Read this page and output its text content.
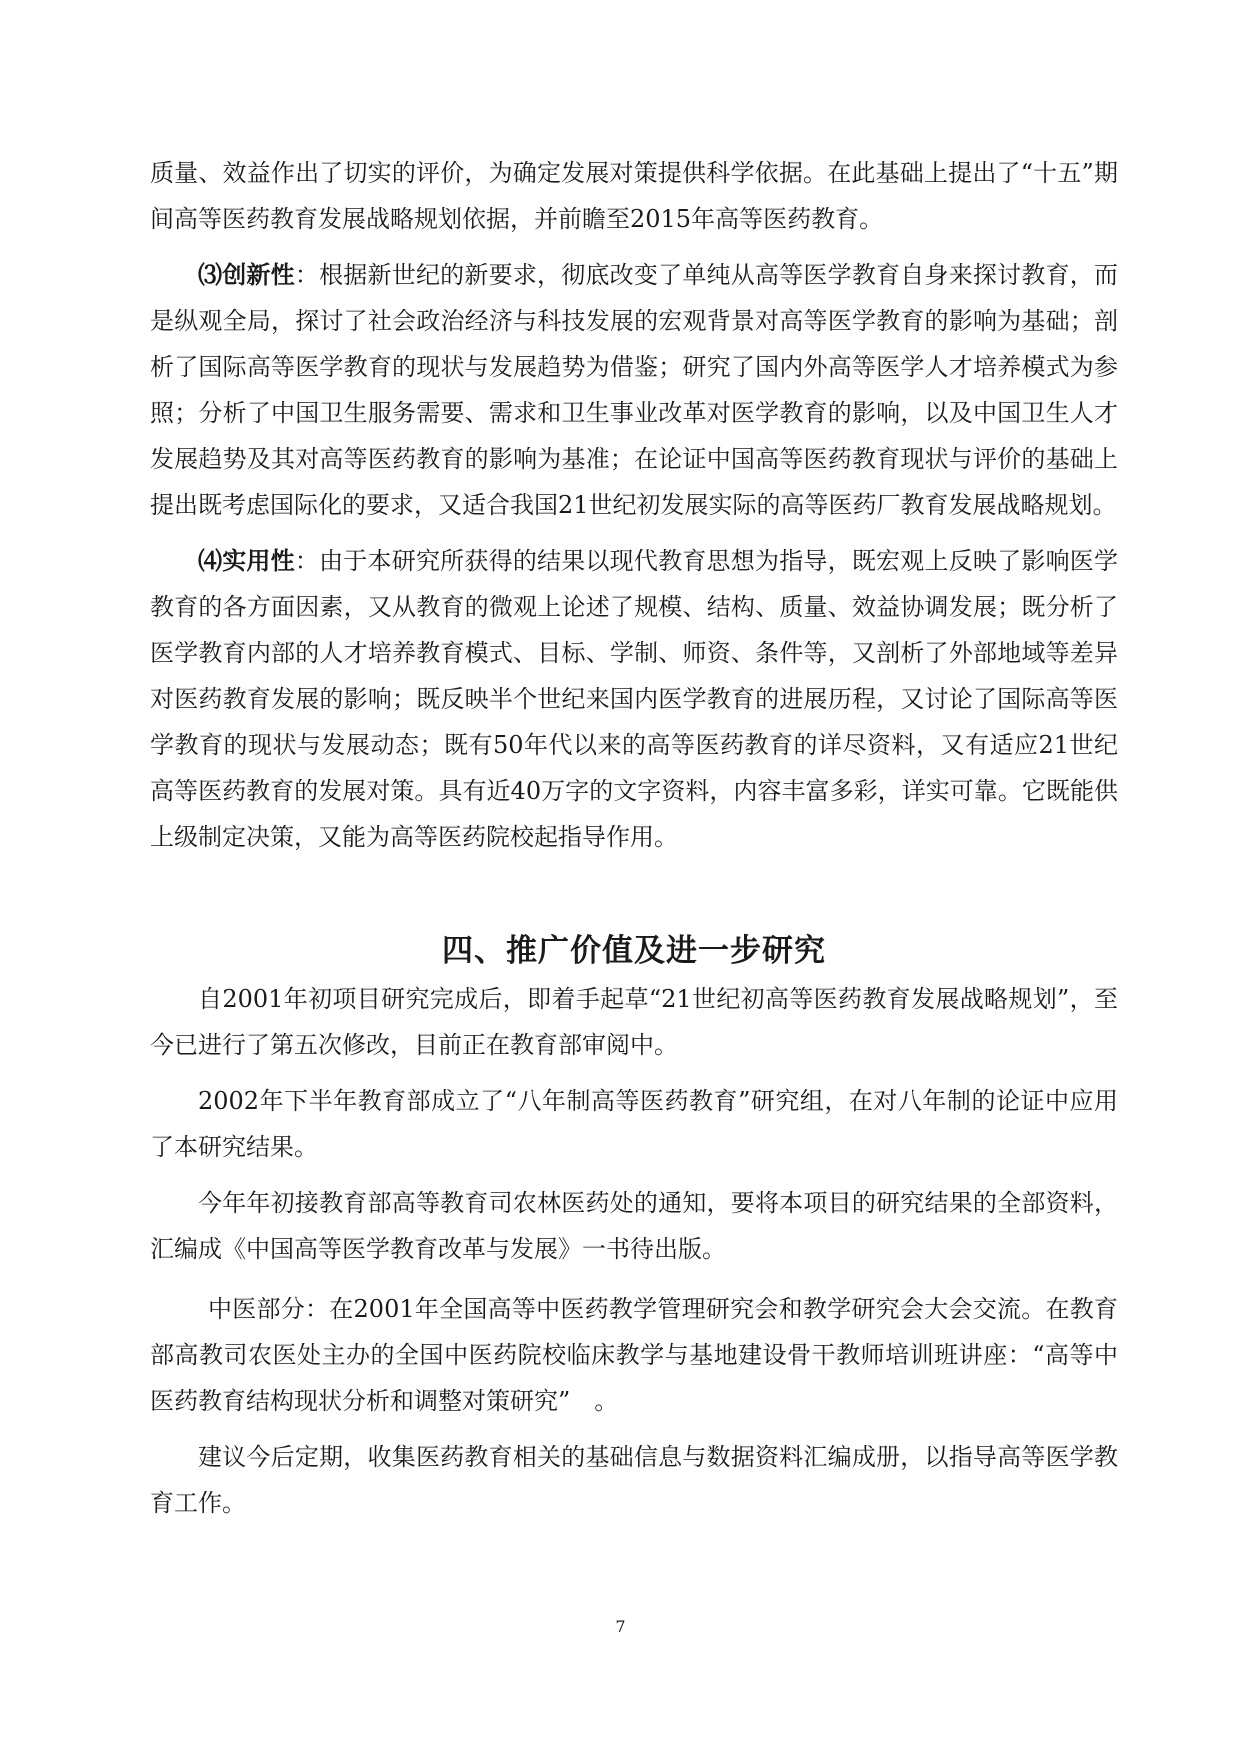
质量、效益作出了切实的评价，为确定发展对策提供科学依据。在此基础上提出了“十五”期间高等医药教育发展战略规划依据，并前瞻至2015年高等医药教育。

⑶创新性：根据新世纪的新要求，彻底改变了单纯从高等医学教育自身来探讨教育，而是纵观全局，探讨了社会政治经济与科技发展的宏观背景对高等医学教育的影响为基础；剖析了国际高等医学教育的现状与发展趋势为借鉴；研究了国内外高等医学人才培养模式为参照；分析了中国卫生服务需要、需求和卫生事业改革对医学教育的影响，以及中国卫生人才发展趋势及其对高等医药教育的影响为基准；在论证中国高等医药教育现状与评价的基础上提出既考虑国际化的要求，又适合我国21世纪初发展实际的高等医药厂教育发展战略规划。

⑷实用性：由于本研究所获得的结果以现代教育思想为指导，既宏观上反映了影响医学教育的各方面因素，又从教育的微观上论述了规模、结构、质量、效益协调发展；既分析了医学教育内部的人才培养教育模式、目标、学制、师资、条件等，又剖析了外部地域等差异对医药教育发展的影响；既反映半个世纪来国内医学教育的进展历程，又讨论了国际高等医学教育的现状与发展动态；既有50年代以来的高等医药教育的详尽资料，又有适应21世纪高等医药教育的发展对策。具有近40万字的文字资料，内容丰富多彩，详实可靠。它既能供上级制定决策，又能为高等医药院校起指导作用。

四、推广价值及进一步研究

自2001年初项目研究完成后，即着手起草“21世纪初高等医药教育发展战略规划”，至今已进行了第五次修改，目前正在教育部审阅中。

2002年下半年教育部成立了“八年制高等医药教育”研究组，在对八年制的论证中应用了本研究结果。

今年年初接教育部高等教育司农林医药处的通知，要将本项目的研究结果的全部资料，汇编成《中国高等医学教育改革与发展》一书待出版。

中医部分：在2001年全国高等中医药教学管理研究会和教学研究会大会交流。在教育部高教司农医处主办的全国中医药院校临床教学与基地建设骨干教师培训班讲座：“高等中医药教育结构现状分析和调整对策研究”　。

建议今后定期，收集医药教育相关的基础信息与数据资料汇编成册，以指导高等医学教育工作。

7
